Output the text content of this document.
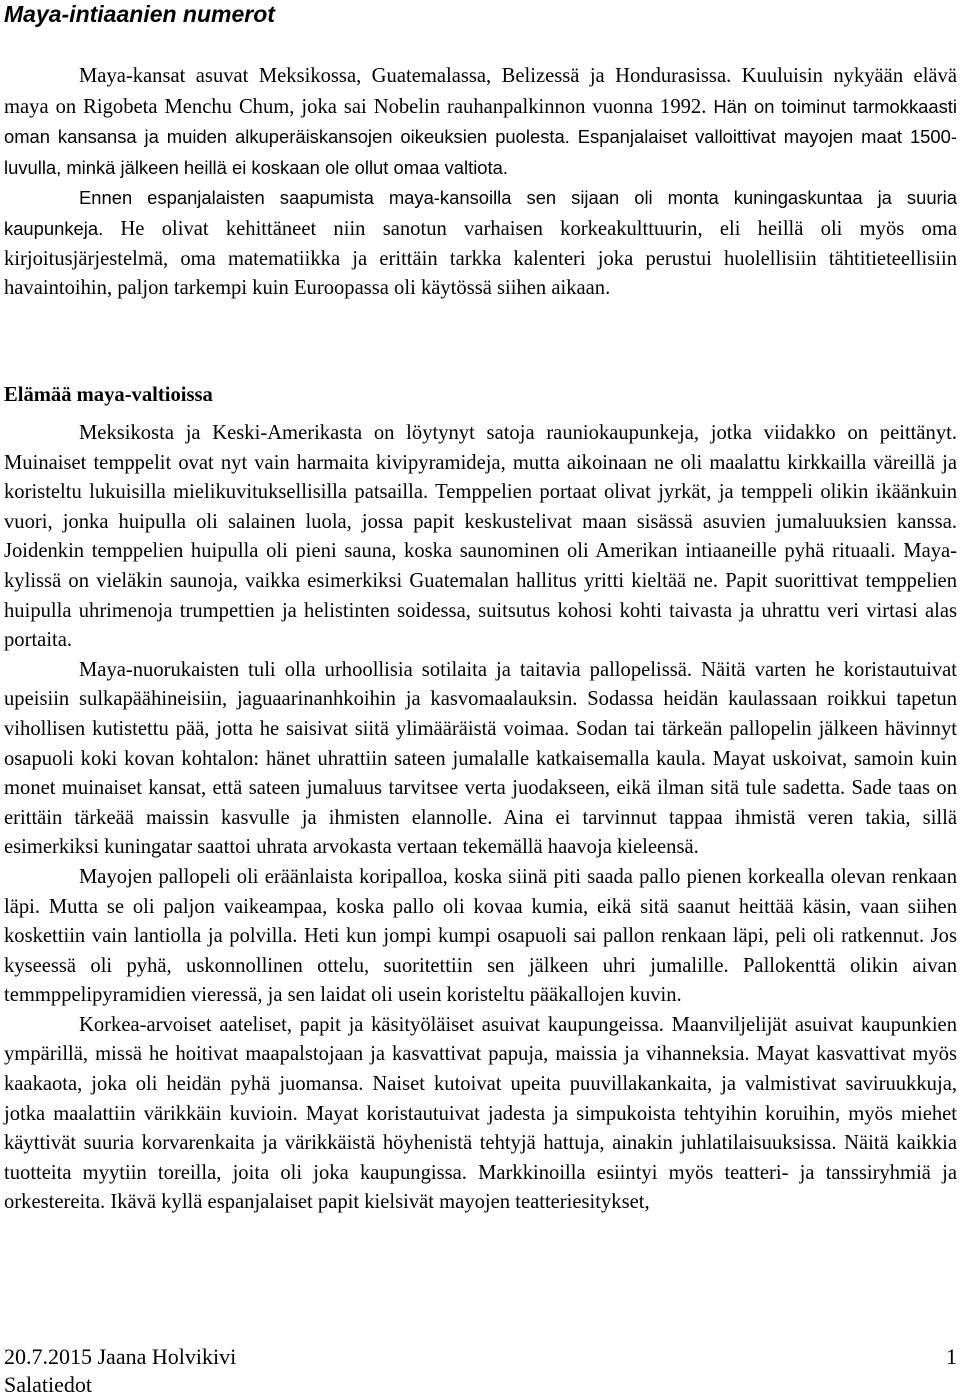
Maya-intiaanien numerot

Maya-kansat asuvat Meksikossa, Guatemalassa, Belizessä ja Hondurasissa. Kuuluisin nykyään elävä maya on Rigobeta Menchu Chum, joka sai Nobelin rauhanpalkinnon vuonna 1992. Hän on toiminut tarmokkaasti oman kansansa ja muiden alkuperäiskansojen oikeuksien puolesta. Espanjalaiset valloittivat mayojen maat 1500-luvulla, minkä jälkeen heillä ei koskaan ole ollut omaa valtiota.

Ennen espanjalaisten saapumista maya-kansoilla sen sijaan oli monta kuningaskuntaa ja suuria kaupunkeja. He olivat kehittäneet niin sanotun varhaisen korkeakulttuurin, eli heillä oli myös oma kirjoitusjärjestelmä, oma matematiikka ja erittäin tarkka kalenteri joka perustui huolellisiin tähtitieteellisiin havaintoihin, paljon tarkempi kuin Euroopassa oli käytössä siihen aikaan.

Elämää maya-valtioissa

Meksikosta ja Keski-Amerikasta on löytynyt satoja rauniokaupunkeja, jotka viidakko on peittänyt. Muinaiset temppelit ovat nyt vain harmaita kivipyramideja, mutta aikoinaan ne oli maalattu kirkkailla väreillä ja koristeltu lukuisilla mielikuvituksellisilla patsailla. Temppelien portaat olivat jyrkät, ja temppeli olikin ikäänkuin vuori, jonka huipulla oli salainen luola, jossa papit keskustelivat maan sisässä asuvien jumaluuksien kanssa. Joidenkin temppelien huipulla oli pieni sauna, koska saunominen oli Amerikan intiaaneille pyhä rituaali. Maya-kylissä on vieläkin saunoja, vaikka esimerkiksi Guatemalan hallitus yritti kieltää ne. Papit suorittivat temppelien huipulla uhrimenoja trumpettien ja helistinten soidessa, suitsutus kohosi kohti taivasta ja uhrattu veri virtasi alas portaita.

Maya-nuorukaisten tuli olla urhoollisia sotilaita ja taitavia pallopelissä. Näitä varten he koristautuivat upeisiin sulkapäähineisiin, jaguaarinanhkoihin ja kasvomaalauksin. Sodassa heidän kaulassaan roikkui tapetun vihollisen kutistettu pää, jotta he saisivat siitä ylimääräistä voimaa. Sodan tai tärkeän pallopelin jälkeen hävinnyt osapuoli koki kovan kohtalon: hänet uhrattiin sateen jumalalle katkaisemalla kaula. Mayat uskoivat, samoin kuin monet muinaiset kansat, että sateen jumaluus tarvitsee verta juodakseen, eikä ilman sitä tule sadetta. Sade taas on erittäin tärkeää maissin kasvulle ja ihmisten elannolle. Aina ei tarvinnut tappaa ihmistä veren takia, sillä esimerkiksi kuningatar saattoi uhrata arvokasta vertaan tekemällä haavoja kieleensä.

Mayojen pallopeli oli eräänlaista koripalloa, koska siinä piti saada pallo pienen korkealla olevan renkaan läpi. Mutta se oli paljon vaikeampaa, koska pallo oli kovaa kumia, eikä sitä saanut heittää käsin, vaan siihen koskettiin vain lantiolla ja polvilla. Heti kun jompi kumpi osapuoli sai pallon renkaan läpi, peli oli ratkennut. Jos kyseessä oli pyhä, uskonnollinen ottelu, suoritettiin sen jälkeen uhri jumalille. Pallokenttä olikin aivan temmppelipyramidien vieressä, ja sen laidat oli usein koristeltu pääkallojen kuvin.

Korkea-arvoiset aateliset, papit ja käsityöläiset asuivat kaupungeissa. Maanviljelijät asuivat kaupunkien ympärillä, missä he hoitivat maapalstojaan ja kasvattivat papuja, maissia ja vihanneksia. Mayat kasvattivat myös kaakaota, joka oli heidän pyhä juomansa. Naiset kutoivat upeita puuvillakankaita, ja valmistivat saviruukkuja, jotka maalattiin värikkäin kuvioin. Mayat koristautuivat jadesta ja simpukoista tehtyihin koruihin, myös miehet käyttivät suuria korvarenkaita ja värikkäistä höyhenistä tehtyjä hattuja, ainakin juhlatilaisuuksissa. Näitä kaikkia tuotteita myytiin toreilla, joita oli joka kaupungissa. Markkinoilla esiintyi myös teatteri- ja tanssiryhmiä ja orkestereita. Ikävä kyllä espanjalaiset papit kielsivät mayojen teatteriesitykset,

20.7.2015 Jaana Holvikivi
Salatiedot
1
